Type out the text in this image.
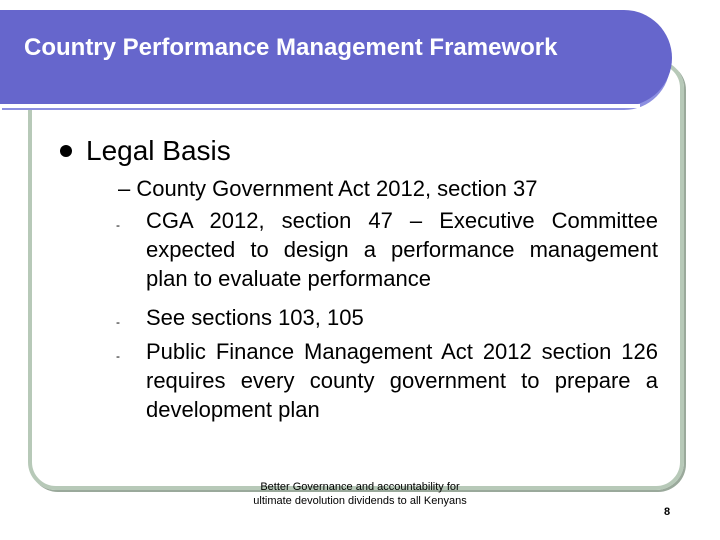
Country Performance Management Framework
Legal Basis
– County Government Act 2012, section 37
- CGA 2012, section 47 – Executive Committee expected to design a performance management plan to evaluate performance
- See sections 103, 105
- Public Finance Management Act 2012 section 126 requires every county government to prepare a development plan
Better Governance and accountability for ultimate devolution dividends to all Kenyans
8
